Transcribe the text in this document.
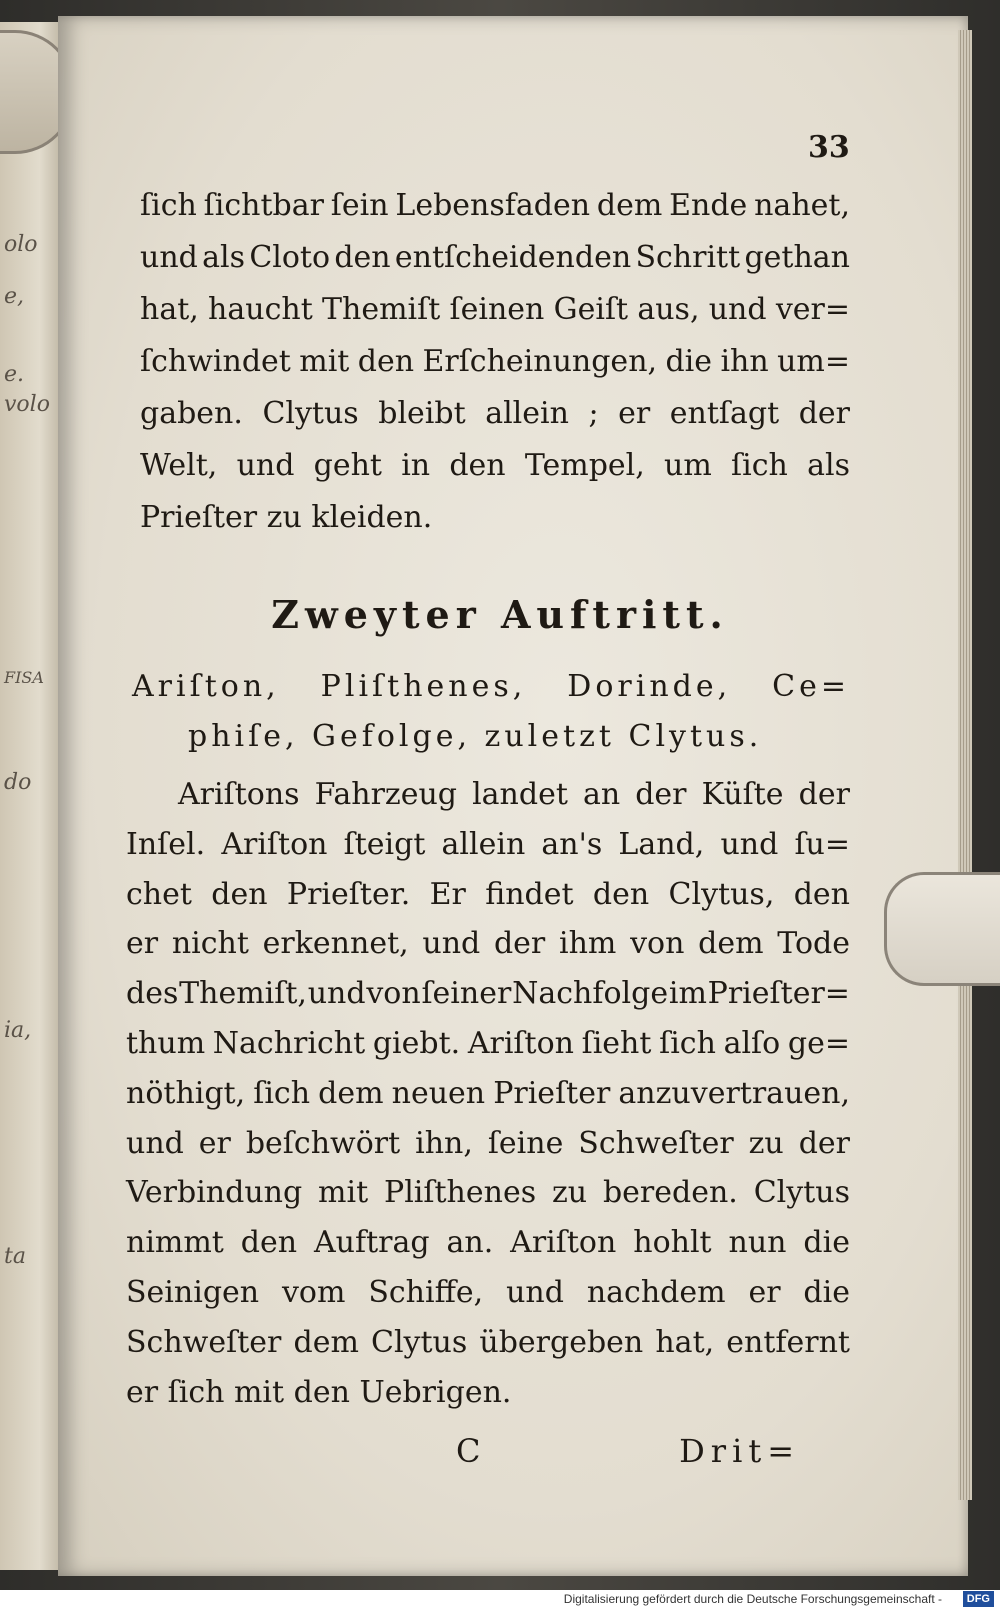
olo
e,
e.
volo
FISA
do
ia,
ta
33
ſich ſichtbar ſein Lebensfaden dem Ende nahet,
und als Cloto den entſcheidenden Schritt gethan
hat, haucht Themiſt ſeinen Geiſt aus, und ver=
ſchwindet mit den Erſcheinungen, die ihn um=
gaben. Clytus bleibt allein ; er entſagt der
Welt, und geht in den Tempel, um ſich als
Prieſter zu kleiden.
Zweyter Auftritt.
Ariſton, Pliſthenes, Dorinde, Ce=
phiſe, Gefolge, zuletzt Clytus.
Ariſtons Fahrzeug landet an der Küſte der
Inſel. Ariſton ſteigt allein an's Land, und ſu=
chet den Prieſter. Er findet den Clytus, den
er nicht erkennet, und der ihm von dem Tode
des Themiſt, und von ſeiner Nachfolge im Prieſter=
thum Nachricht giebt. Ariſton ſieht ſich alſo ge=
nöthigt, ſich dem neuen Prieſter anzuvertrauen,
und er beſchwört ihn, ſeine Schweſter zu der
Verbindung mit Pliſthenes zu bereden. Clytus
nimmt den Auftrag an. Ariſton hohlt nun die
Seinigen vom Schiffe, und nachdem er die
Schweſter dem Clytus übergeben hat, entfernt
er ſich mit den Uebrigen.
C	Drit=
Digitalisierung gefördert durch die Deutsche Forschungsgemeinschaft -	DFG
